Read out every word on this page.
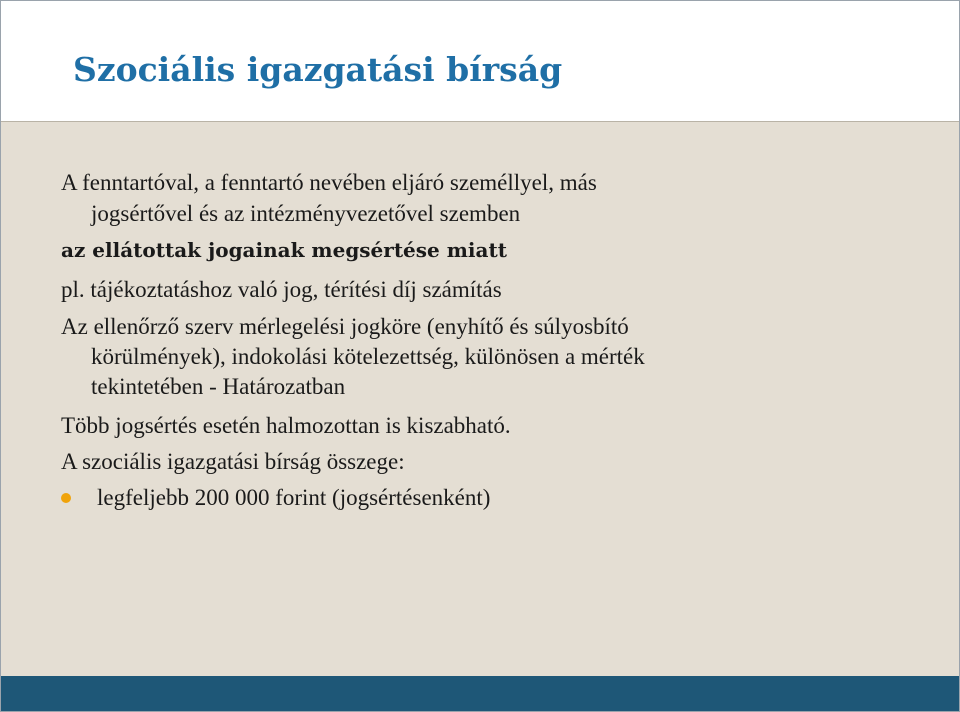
Szociális igazgatási bírság

A fenntartóval, a fenntartó nevében eljáró személlyel, más

jogsértővel és az intézményvezetővel szemben

az ellátottak jogainak megsértése miatt

pl. tájékoztatáshoz való jog, térítési díj számítás

Az ellenőrző szerv mérlegelési jogköre (enyhítő és súlyosbító

körülmények), indokolási kötelezettség, különösen a mérték

tekintetében - Határozatban

Több jogsértés esetén halmozottan is kiszabható.

A szociális igazgatási bírság összege:

legfeljebb 200 000 forint (jogsértésenként)
